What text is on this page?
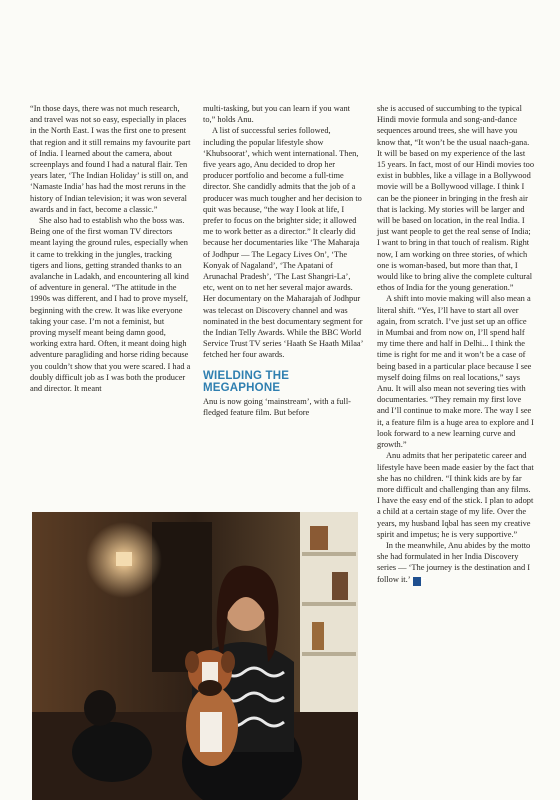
“In those days, there was not much research, and travel was not so easy, especially in places in the North East. I was the first one to present that region and it still remains my favourite part of India. I learned about the camera, about screenplays and found I had a natural flair. Ten years later, ‘The Indian Holiday’ is still on, and ‘Namaste India’ has had the most reruns in the history of Indian television; it was won several awards and in fact, become a classic.”

She also had to establish who the boss was. Being one of the first woman TV directors meant laying the ground rules, especially when it came to trekking in the jungles, tracking tigers and lions, getting stranded thanks to an avalanche in Ladakh, and encountering all kind of adventure in general. “The attitude in the 1990s was different, and I had to prove myself, beginning with the crew. It was like everyone taking your case. I’m not a feminist, but proving myself meant being damn good, working extra hard. Often, it meant doing high adventure paragliding and horse riding because you couldn’t show that you were scared. I had a doubly difficult job as I was both the producer and director. It meant

multi-tasking, but you can learn if you want to,” holds Anu.

A list of successful series followed, including the popular lifestyle show ‘Khubsoorat’, which went international. Then, five years ago, Anu decided to drop her producer portfolio and become a full-time director. She candidly admits that the job of a producer was much tougher and her decision to quit was because, “the way I look at life, I prefer to focus on the brighter side; it allowed me to work better as a director.” It clearly did because her documentaries like ‘The Maharaja of Jodhpur — The Legacy Lives On’, ‘The Konyak of Nagaland’, ‘The Apatani of Arunachal Pradesh’, ‘The Last Shangri-La’, etc, went on to net her several major awards. Her documentary on the Maharajah of Jodhpur was telecast on Discovery channel and was nominated in the best documentary segment for the Indian Telly Awards. While the BBC World Service Trust TV series ‘Haath Se Haath Milaa’ fetched her four awards.

WIELDING THE
MEGAPHONE

Anu is now going ‘mainstream’, with a full-fledged feature film. But before

she is accused of succumbing to the typical Hindi movie formula and song-and-dance sequences around trees, she will have you know that, “It won’t be the usual naach-gana. It will be based on my experience of the last 15 years. In fact, most of our Hindi movies too exist in bubbles, like a village in a Bollywood movie will be a Bollywood village. I think I can be the pioneer in bringing in the fresh air that is lacking. My stories will be larger and will be based on location, in the real India. I just want people to get the real sense of India; I want to bring in that touch of realism. Right now, I am working on three stories, of which one is woman-based, but more than that, I would like to bring alive the complete cultural ethos of India for the young generation.”

A shift into movie making will also mean a literal shift. “Yes, I’ll have to start all over again, from scratch. I’ve just set up an office in Mumbai and from now on, I’ll spend half my time there and half in Delhi... I think the time is right for me and it won’t be a case of being based in a particular place because I see myself doing films on real locations,” says Anu. It will also mean not severing ties with documentaries. “They remain my first love and I’ll continue to make more. The way I see it, a feature film is a huge area to explore and I look forward to a new learning curve and growth.”

Anu admits that her peripatetic career and lifestyle have been made easier by the fact that she has no children. “I think kids are by far more difficult and challenging than any films. I have the easy end of the stick. I plan to adopt a child at a certain stage of my life. Over the years, my husband Iqbal has seen my creative spirit and impetus; he is very supportive.”

In the meanwhile, Anu abides by the motto she had formulated in her India Discovery series — ‘The journey is the destination and I follow it.’ F
